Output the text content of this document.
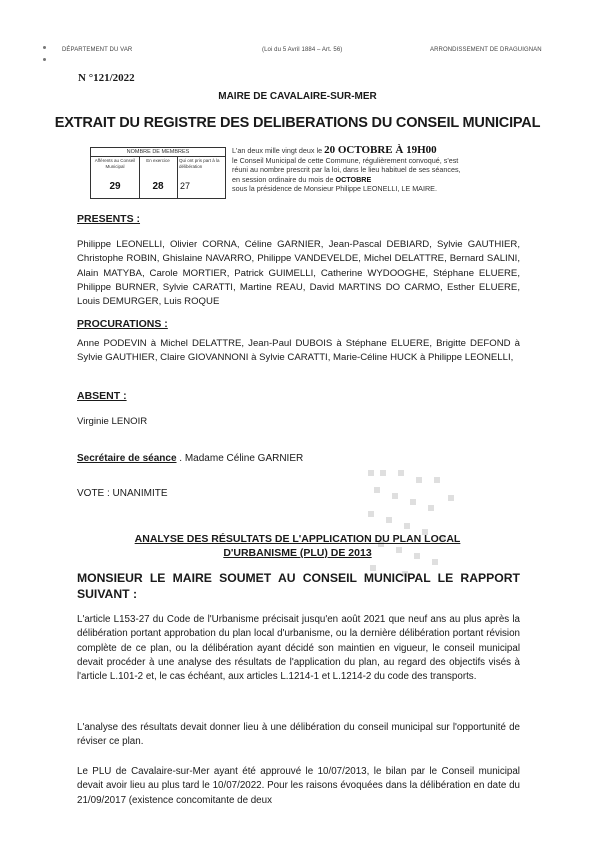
DÉPARTEMENT DU VAR	(Loi du 5 Avril 1884 – Art. 56)	ARRONDISSEMENT DE DRAGUIGNAN
N °121/2022
MAIRE DE CAVALAIRE-SUR-MER
EXTRAIT DU REGISTRE DES DELIBERATIONS DU CONSEIL MUNICIPAL
NOMBRE DE MEMBRES
Afférents au Conseil Municipal
29
En exercice
28
Qui ont pris part à la délibération
27
L'an deux mille vingt deux le 20 OCTOBRE À 19H00
le Conseil Municipal de cette Commune, régulièrement convoqué, s'est
réuni au nombre prescrit par la loi, dans le lieu habituel de ses séances,
en session ordinaire du mois de OCTOBRE
sous la présidence de Monsieur Philippe LEONELLI, LE MAIRE.
PRESENTS :
Philippe LEONELLI, Olivier CORNA, Céline GARNIER, Jean-Pascal DEBIARD, Sylvie GAUTHIER, Christophe ROBIN, Ghislaine NAVARRO, Philippe VANDEVELDE, Michel DELATTRE, Bernard SALINI, Alain MATYBA, Carole MORTIER, Patrick GUIMELLI, Catherine WYDOOGHE, Stéphane ELUERE, Philippe BURNER, Sylvie CARATTI, Martine REAU, David MARTINS DO CARMO, Esther ELUERE, Louis DEMURGER, Luis ROQUE
PROCURATIONS :
Anne PODEVIN à Michel DELATTRE, Jean-Paul DUBOIS à Stéphane ELUERE, Brigitte DEFOND à Sylvie GAUTHIER, Claire GIOVANNONI à Sylvie CARATTI, Marie-Céline HUCK à Philippe LEONELLI,
ABSENT :
Virginie LENOIR
Secrétaire de séance . Madame Céline GARNIER
VOTE : UNANIMITE
ANALYSE DES RÉSULTATS DE L'APPLICATION DU PLAN LOCAL
D'URBANISME (PLU) DE 2013
MONSIEUR LE MAIRE SOUMET AU CONSEIL MUNICIPAL LE RAPPORT SUIVANT :
L'article L153-27 du Code de l'Urbanisme précisait jusqu'en août 2021 que neuf ans au plus après la délibération portant approbation du plan local d'urbanisme, ou la dernière délibération portant révision complète de ce plan, ou la délibération ayant décidé son maintien en vigueur, le conseil municipal devait procéder à une analyse des résultats de l'application du plan, au regard des objectifs visés à l'article L.101-2 et, le cas échéant, aux articles L.1214-1 et L.1214-2 du code des transports.
L'analyse des résultats devait donner lieu à une délibération du conseil municipal sur l'opportunité de réviser ce plan.
Le PLU de Cavalaire-sur-Mer ayant été approuvé le 10/07/2013, le bilan par le Conseil municipal devait avoir lieu au plus tard le 10/07/2022. Pour les raisons évoquées dans la délibération en date du 21/09/2017 (existence concomitante de deux
